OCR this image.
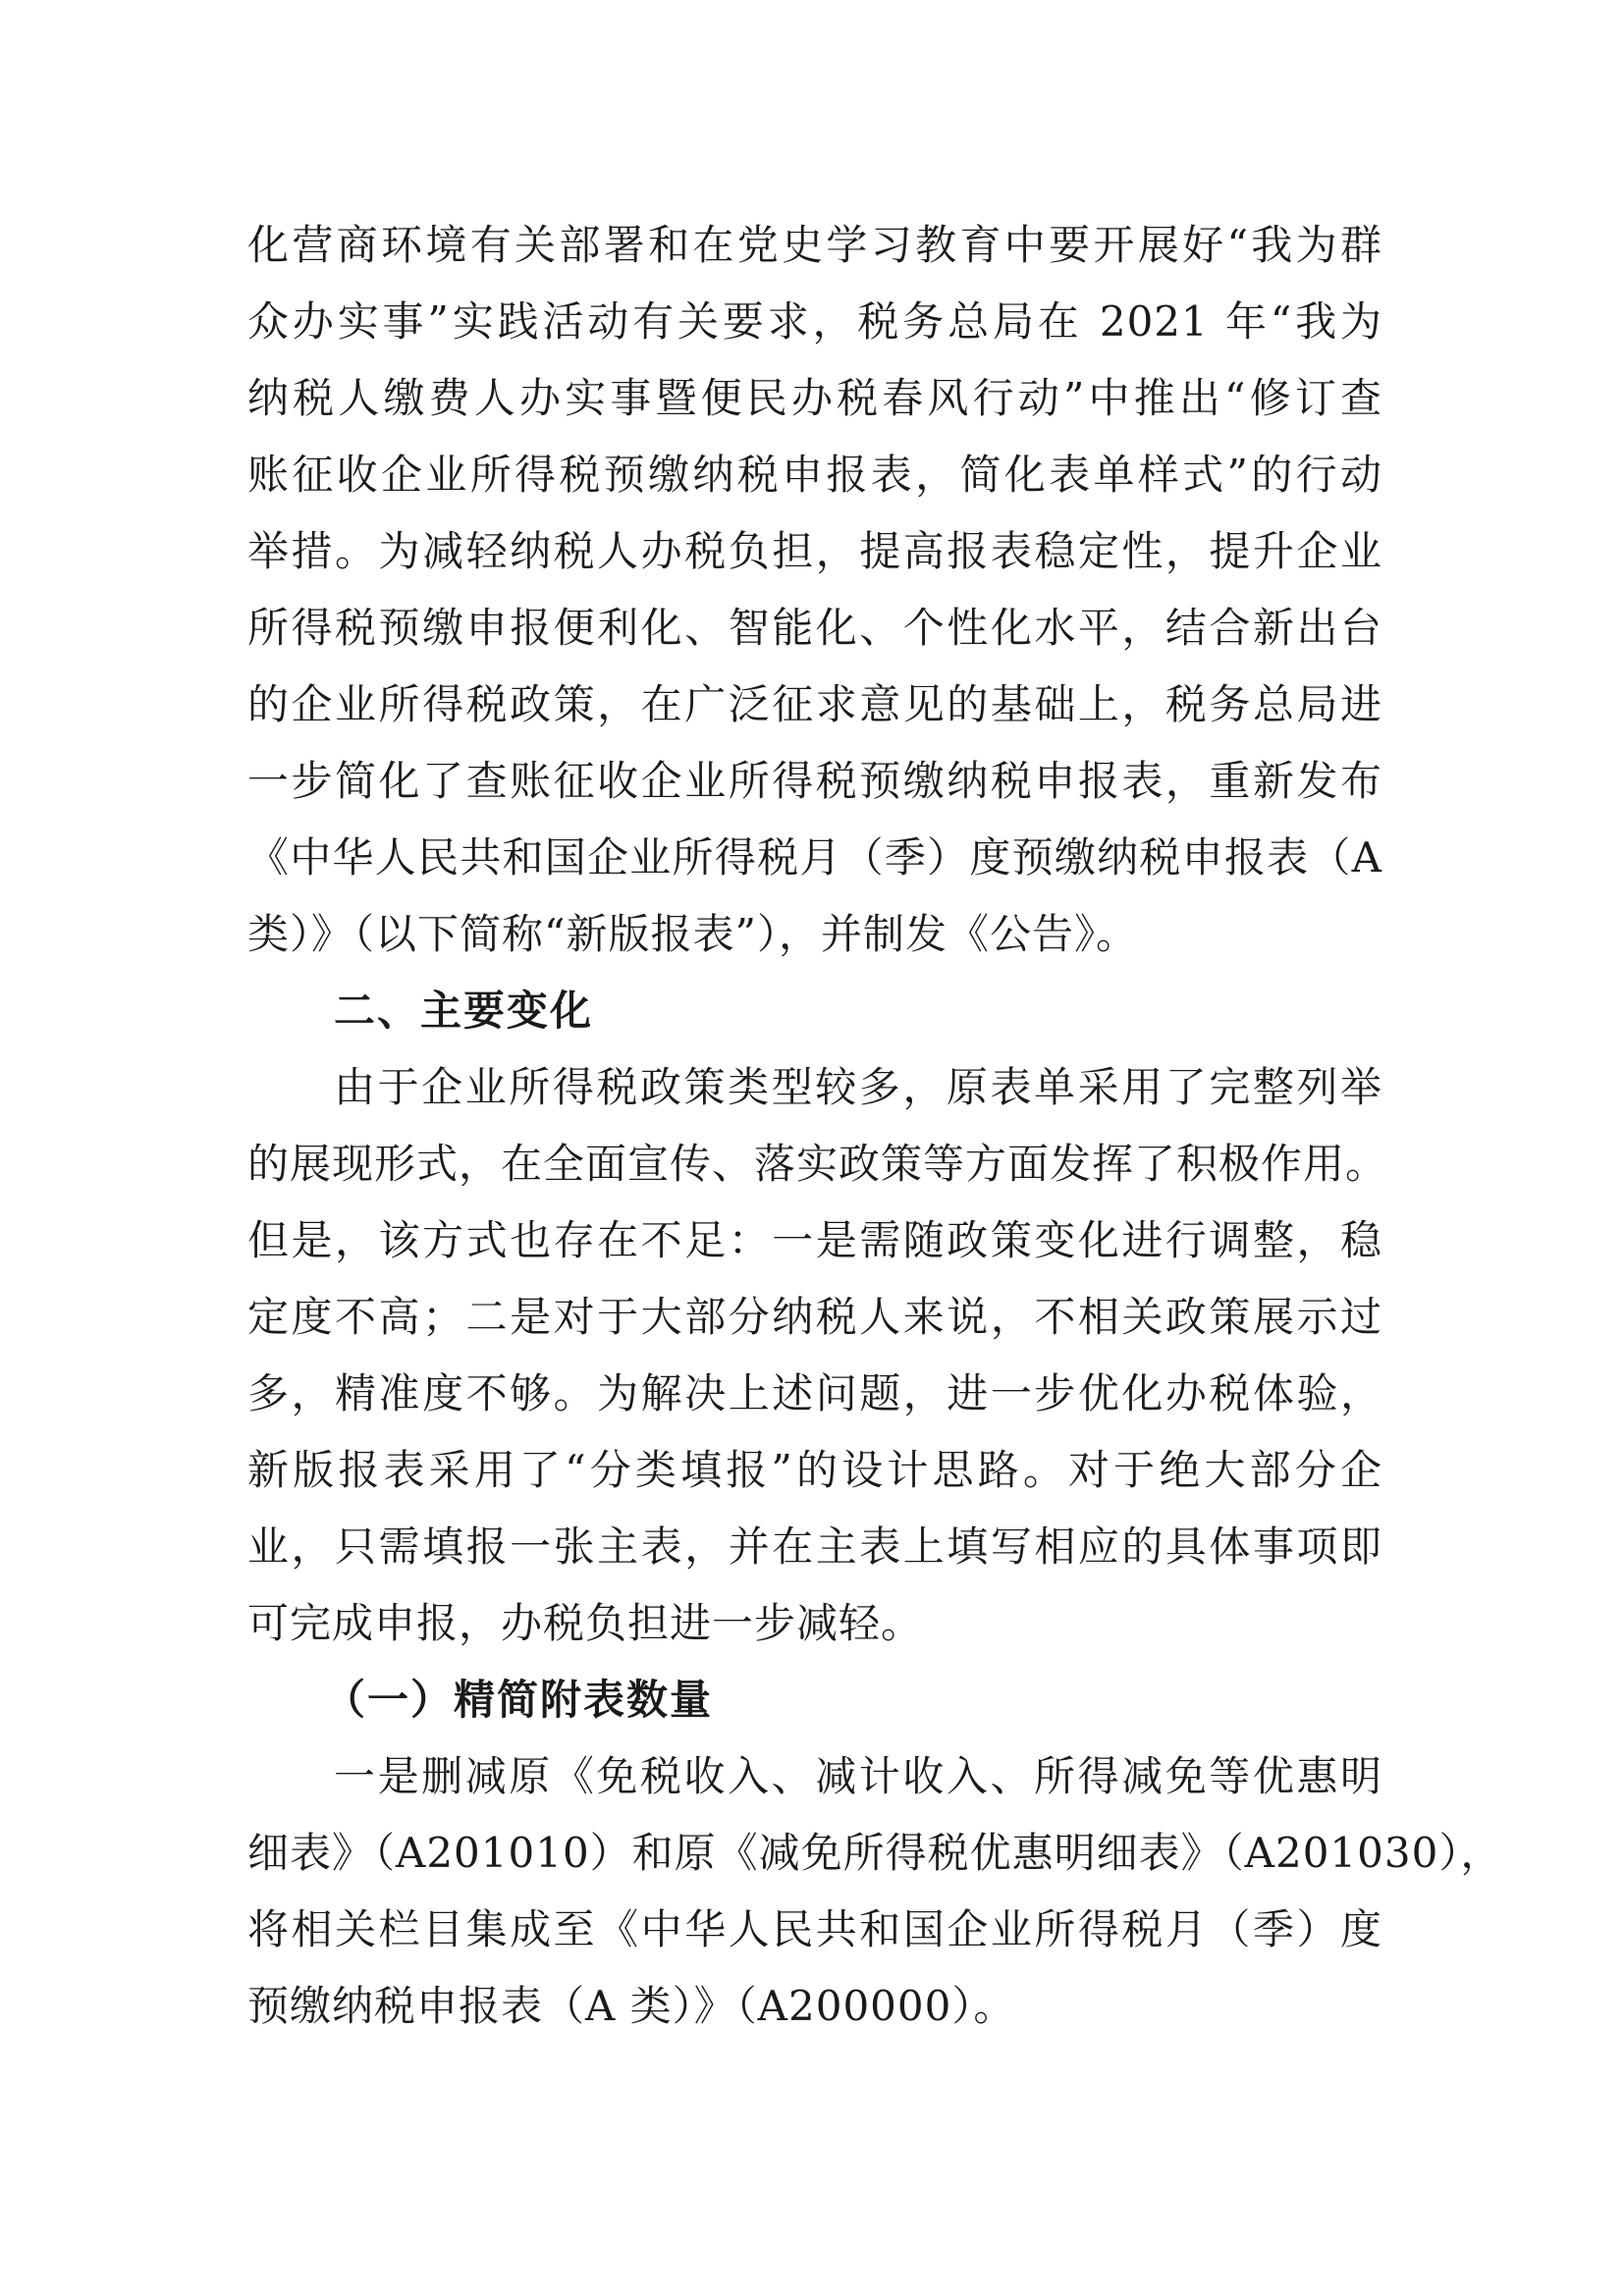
化营商环境有关部署和在党史学习教育中要开展好“我为群
众办实事”实践活动有关要求，税务总局在 2021 年“我为
纳税人缴费人办实事暨便民办税春风行动”中推出“修订查
账征收企业所得税预缴纳税申报表，简化表单样式”的行动
举措。为减轻纳税人办税负担，提高报表稳定性，提升企业
所得税预缴申报便利化、智能化、个性化水平，结合新出台
的企业所得税政策，在广泛征求意见的基础上，税务总局进
一步简化了查账征收企业所得税预缴纳税申报表，重新发布
《中华人民共和国企业所得税月（季）度预缴纳税申报表（A
类）》（以下简称“新版报表”），并制发《公告》。
二、主要变化
由于企业所得税政策类型较多，原表单采用了完整列举
的展现形式，在全面宣传、落实政策等方面发挥了积极作用。
但是，该方式也存在不足：一是需随政策变化进行调整，稳
定度不高；二是对于大部分纳税人来说，不相关政策展示过
多，精准度不够。为解决上述问题，进一步优化办税体验，
新版报表采用了“分类填报”的设计思路。对于绝大部分企
业，只需填报一张主表，并在主表上填写相应的具体事项即
可完成申报，办税负担进一步减轻。
（一）精简附表数量
一是删减原《免税收入、减计收入、所得减免等优惠明
细表》（A201010）和原《减免所得税优惠明细表》（A201030），
将相关栏目集成至《中华人民共和国企业所得税月（季）度
预缴纳税申报表（A 类）》（A200000）。
